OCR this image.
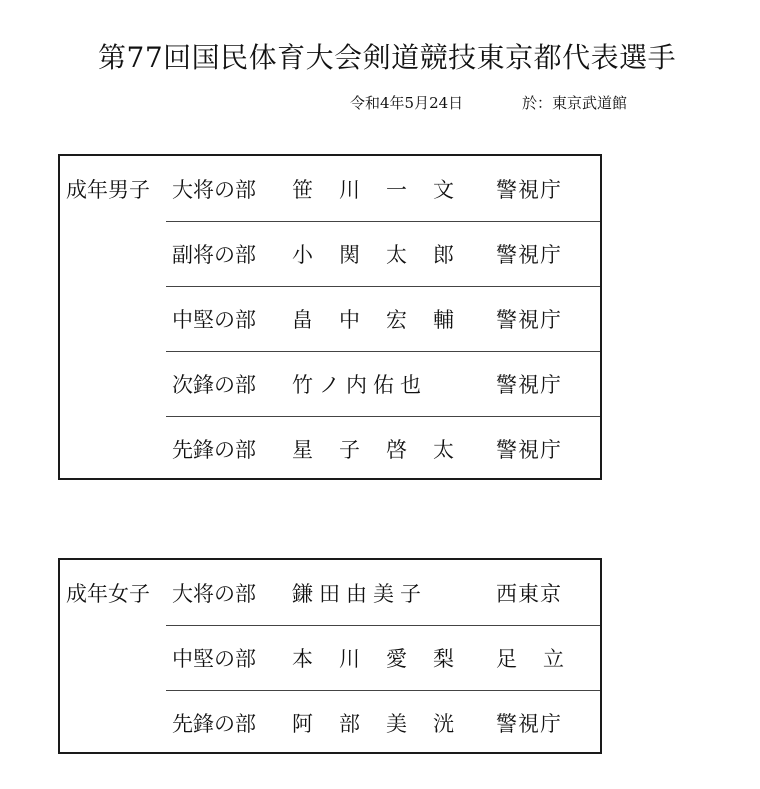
第77回国民体育大会剣道競技東京都代表選手
令和4年5月24日	於：東京武道館
成年男子 大将の部 笹川一文 警視庁
副将の部 小関太郎 警視庁
中堅の部 畠中宏輔 警視庁
次鋒の部 竹ノ内佑也	警視庁
先鋒の部 星子啓太 警視庁
成年女子 大将の部 鎌田由美子	西東京
中堅の部 本川愛梨 足立
先鋒の部 阿部美洸 警視庁
